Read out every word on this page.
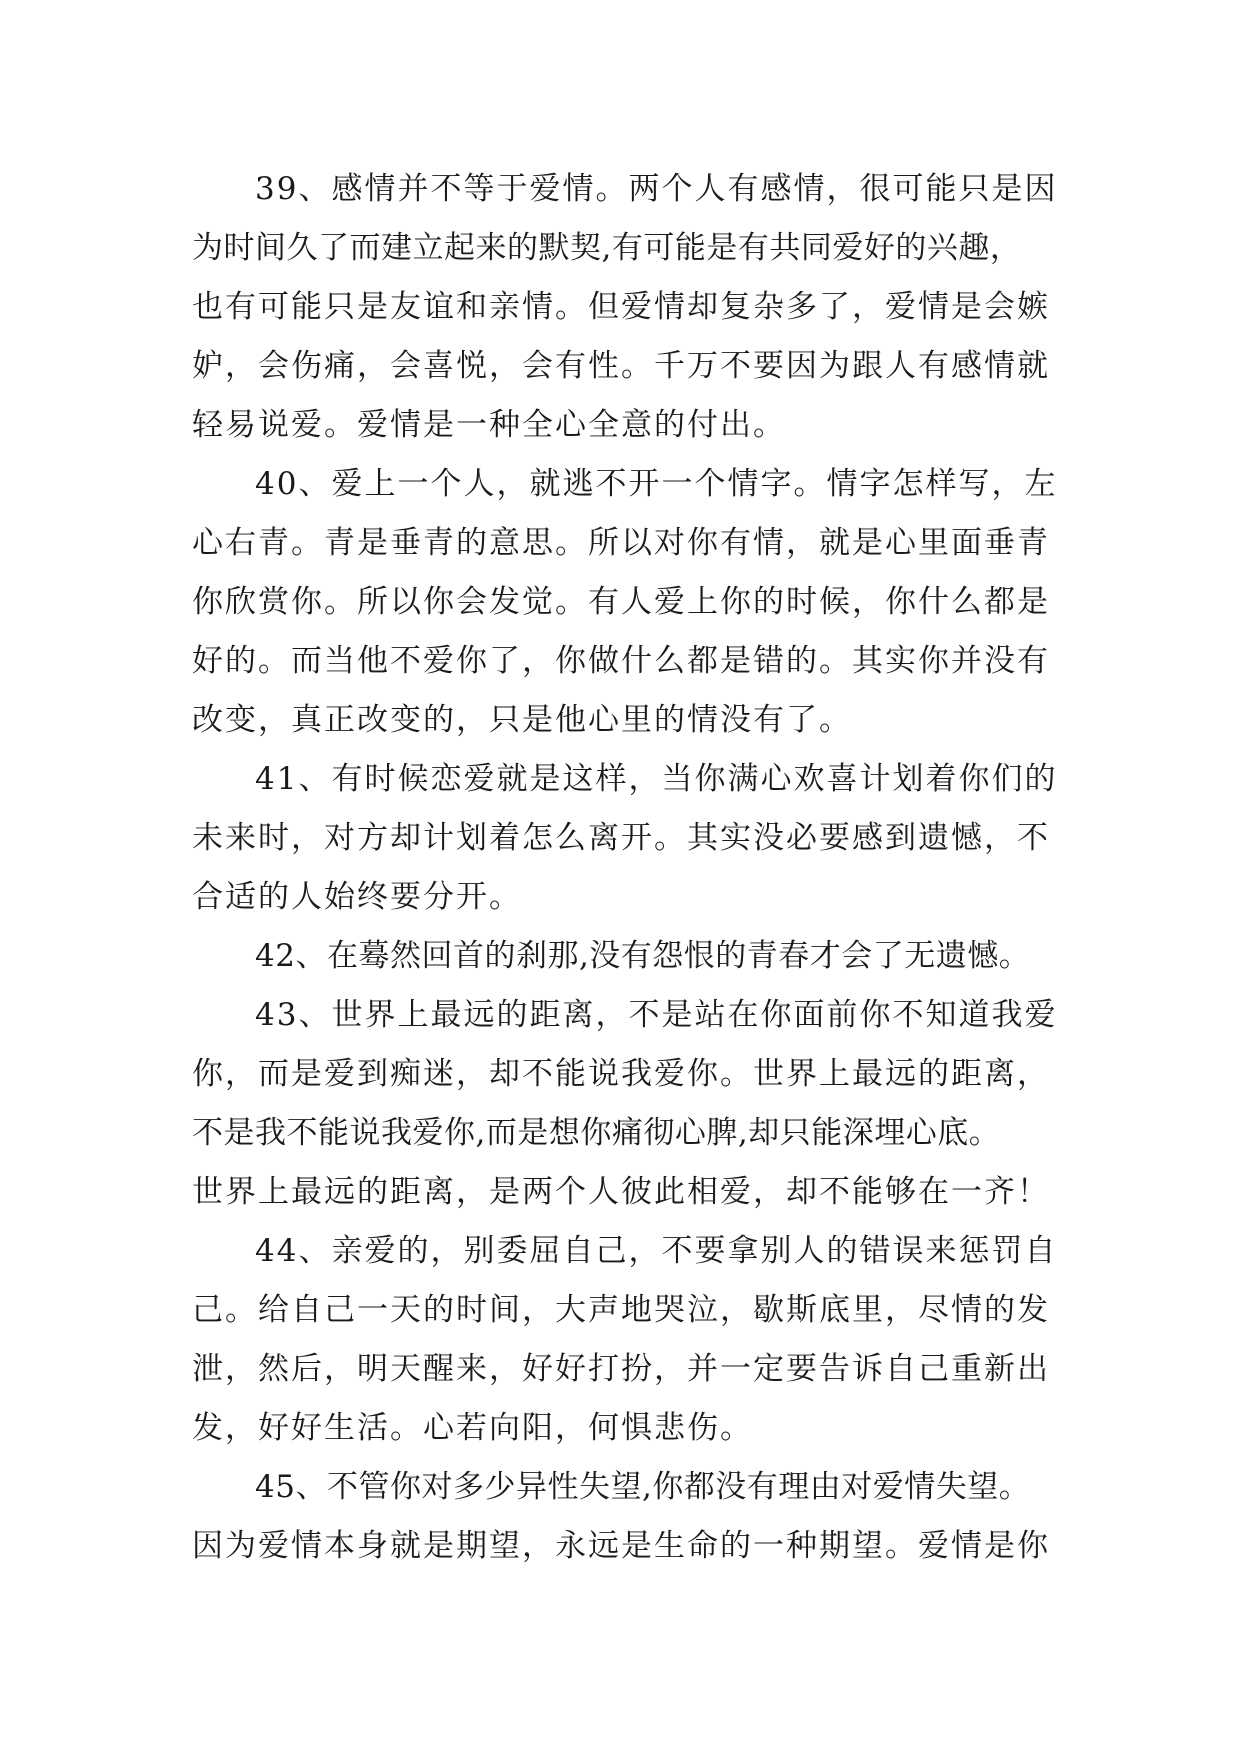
39、感情并不等于爱情。两个人有感情，很可能只是因
为时间久了而建立起来的默契,有可能是有共同爱好的兴趣，
也有可能只是友谊和亲情。但爱情却复杂多了，爱情是会嫉
妒，会伤痛，会喜悦，会有性。千万不要因为跟人有感情就
轻易说爱。爱情是一种全心全意的付出。
40、爱上一个人，就逃不开一个情字。情字怎样写，左
心右青。青是垂青的意思。所以对你有情，就是心里面垂青
你欣赏你。所以你会发觉。有人爱上你的时候，你什么都是
好的。而当他不爱你了，你做什么都是错的。其实你并没有
改变，真正改变的，只是他心里的情没有了。
41、有时候恋爱就是这样，当你满心欢喜计划着你们的
未来时，对方却计划着怎么离开。其实没必要感到遗憾，不
合适的人始终要分开。
42、在蓦然回首的刹那,没有怨恨的青春才会了无遗憾。
43、世界上最远的距离，不是站在你面前你不知道我爱
你，而是爱到痴迷，却不能说我爱你。世界上最远的距离，
不是我不能说我爱你,而是想你痛彻心脾,却只能深埋心底。
世界上最远的距离，是两个人彼此相爱，却不能够在一齐！
44、亲爱的，别委屈自己，不要拿别人的错误来惩罚自
己。给自己一天的时间，大声地哭泣，歇斯底里，尽情的发
泄，然后，明天醒来，好好打扮，并一定要告诉自己重新出
发，好好生活。心若向阳，何惧悲伤。
45、不管你对多少异性失望,你都没有理由对爱情失望。
因为爱情本身就是期望，永远是生命的一种期望。爱情是你
